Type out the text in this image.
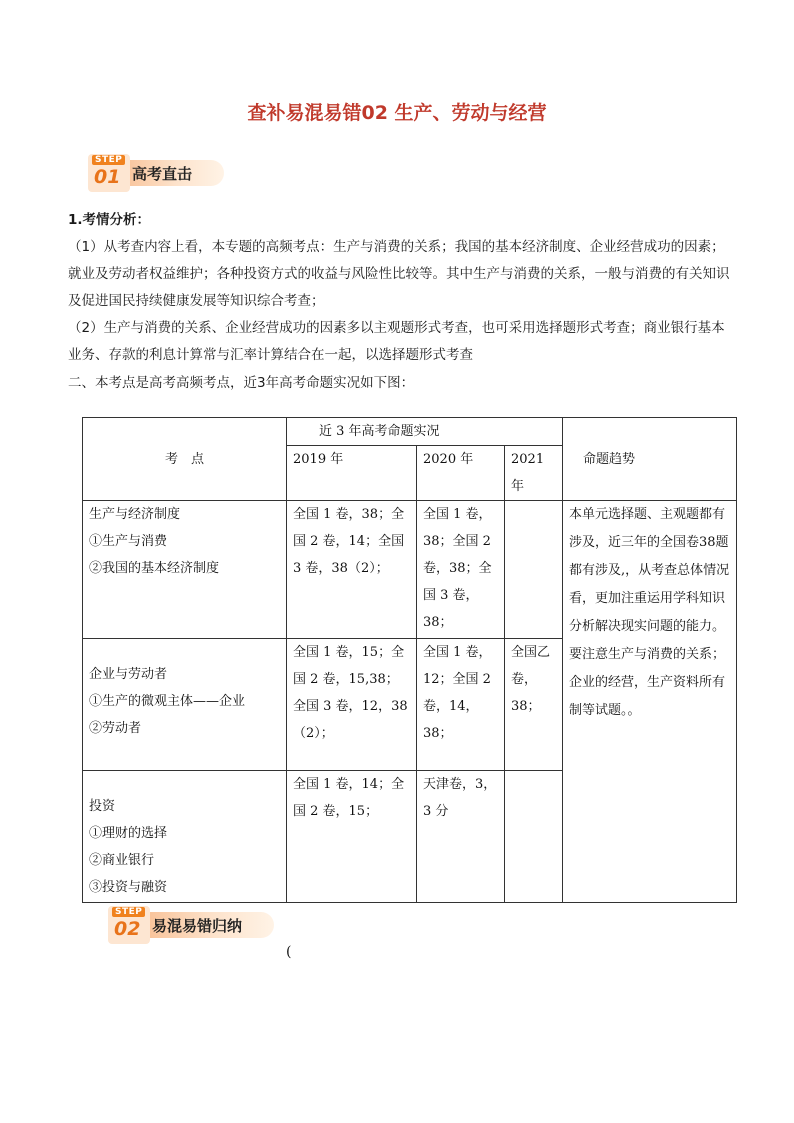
查补易混易错02 生产、劳动与经营
高考直击
STEP
01
1.考情分析：
（1）从考查内容上看，本专题的高频考点：生产与消费的关系；我国的基本经济制度、企业经营成功的因素；就业及劳动者权益维护；各种投资方式的收益与风险性比较等。其中生产与消费的关系，一般与消费的有关知识及促进国民持续健康发展等知识综合考查；
（2）生产与消费的关系、企业经营成功的因素多以主观题形式考查，也可采用选择题形式考查；商业银行基本业务、存款的利息计算常与汇率计算结合在一起，以选择题形式考查
二、本考点是高考高频考点，近3年高考命题实况如下图：
考　点	近 3 年高考命题实况			命题趋势
	2019 年	2020 年	2021 年	

生产与经济制度
①生产与消费
②我国的基本经济制度	全国 1 卷，38；全国 2 卷，14；全国 3 卷，38（2）；	全国 1 卷，38；全国 2 卷，38；全国 3 卷，38；		本单元选择题、主观题都有涉及，近三年的全国卷38题都有涉及,，从考查总体情况看，更加注重运用学科知识分析解决现实问题的能力。要注意生产与消费的关系；企业的经营，生产资料所有制等试题。。

企业与劳动者
①生产的微观主体——企业
②劳动者	全国 1 卷，15；全国 2 卷，15,38；全国 3 卷，12，38（2）；	全国 1 卷，12；全国 2 卷，14，38；	全国乙卷，38；	

投资
①理财的选择
②商业银行
③投资与融资	全国 1 卷，14；全国 2 卷，15；	天津卷，3，3 分		
易混易错归纳
STEP
02
(
